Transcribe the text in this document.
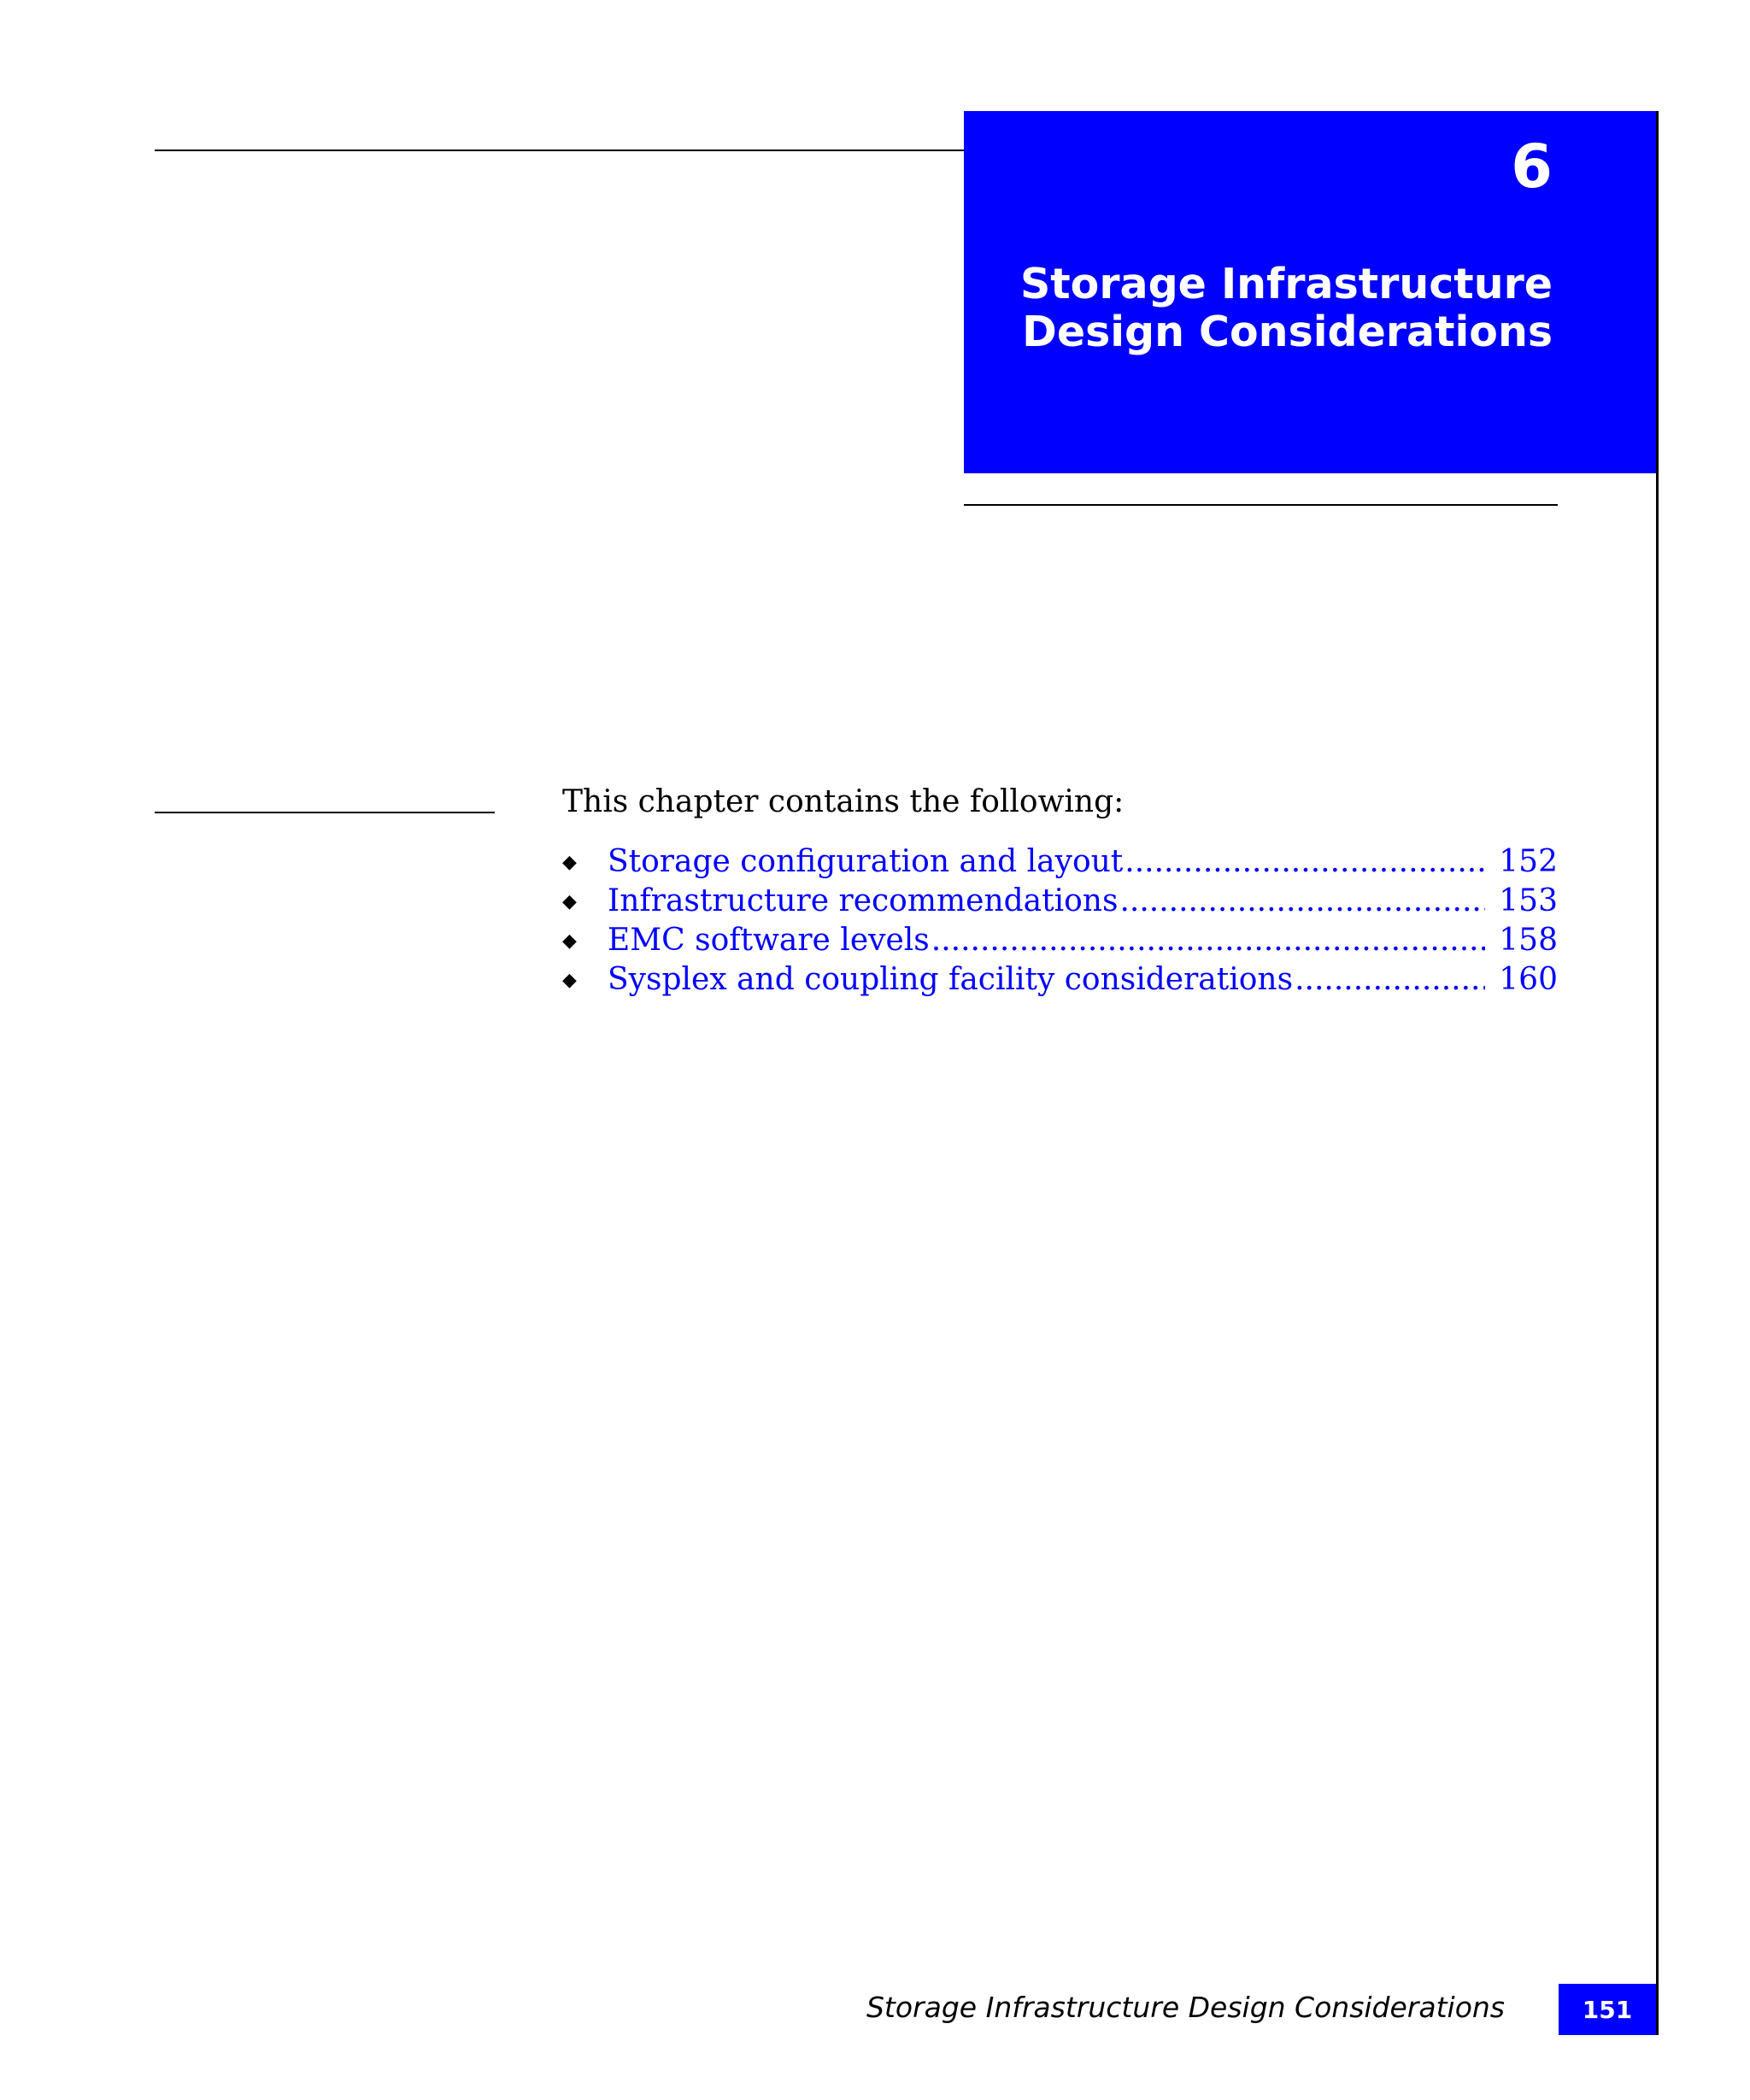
6
Storage Infrastructure
Design Considerations
This chapter contains the following:
◆	Storage configuration and layout .....	152
◆	Infrastructure recommendations .....	153
◆	EMC software levels .....	158
◆	Sysplex and coupling facility considerations .....	160
Storage Infrastructure Design Considerations	151
